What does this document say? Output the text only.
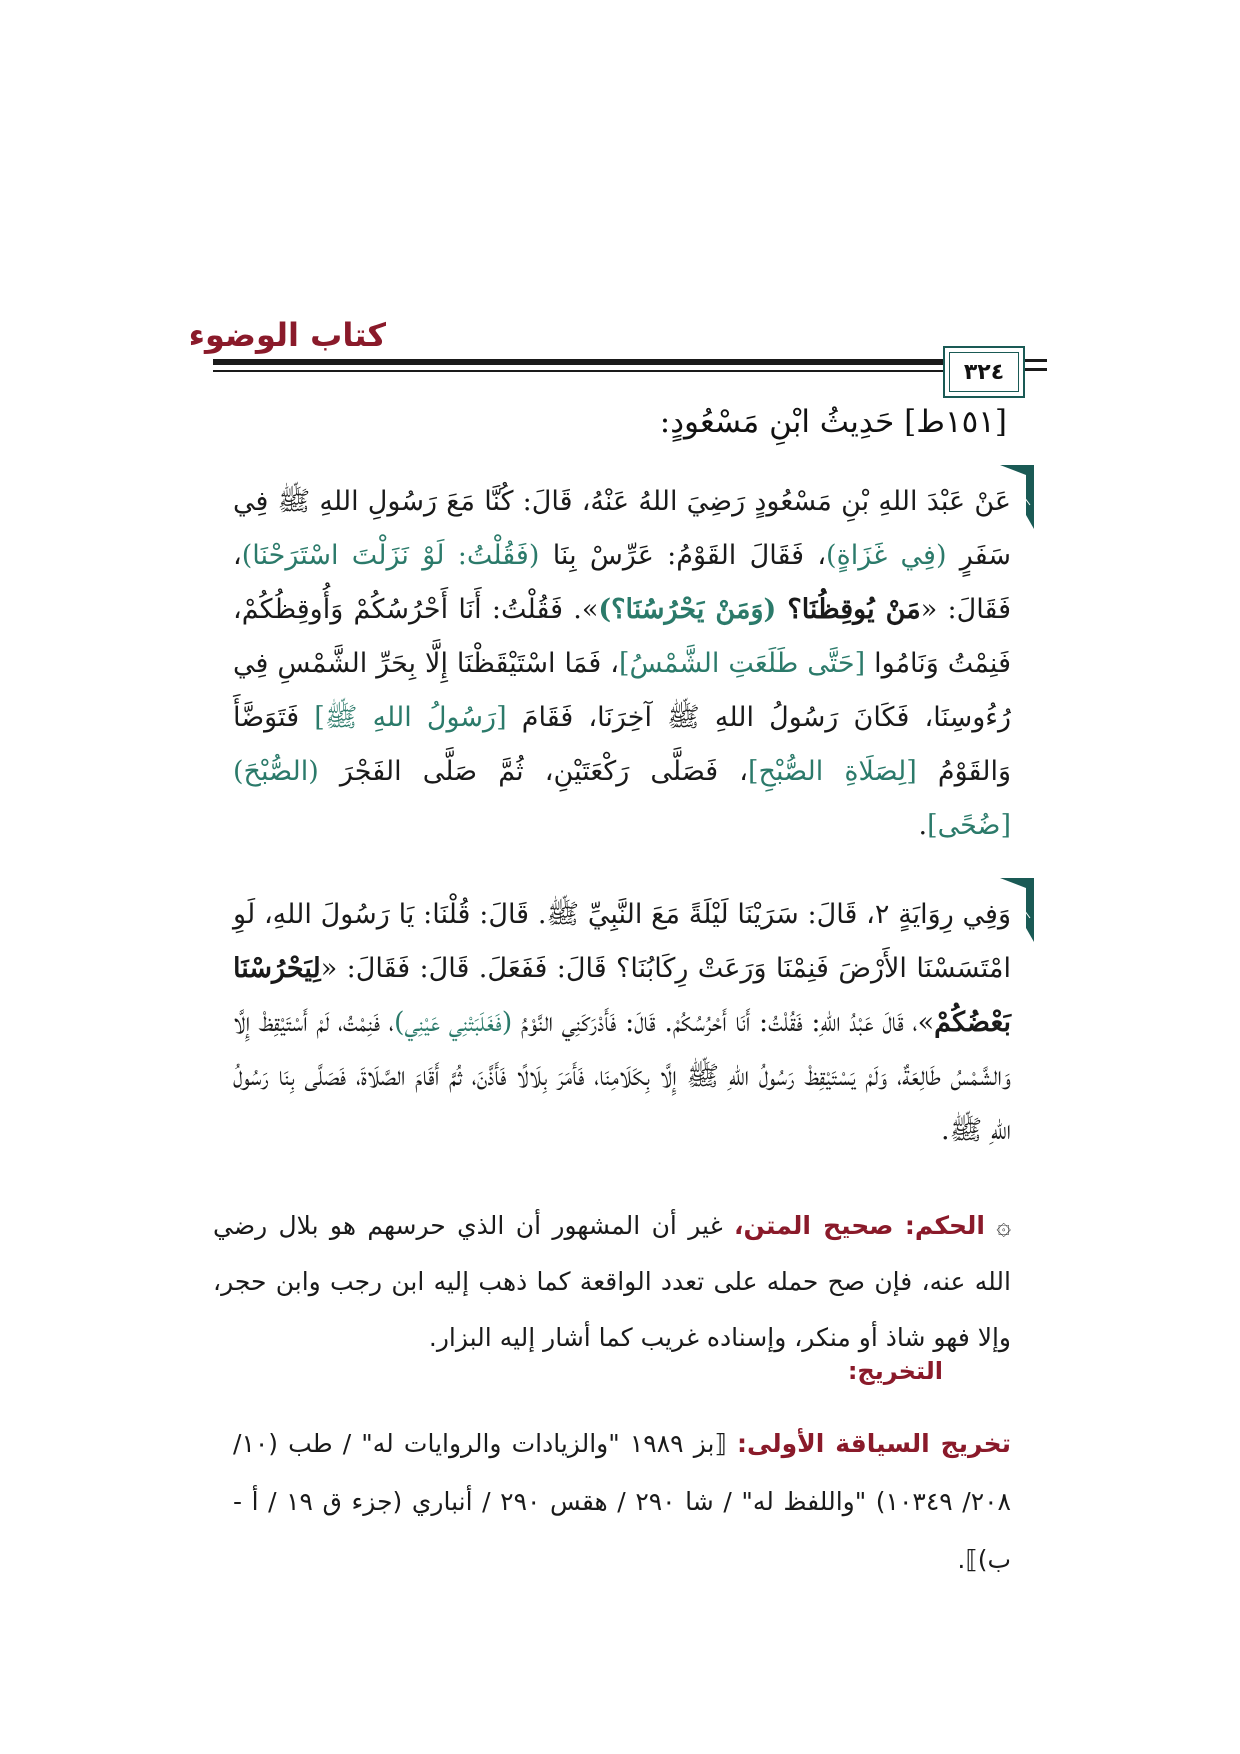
كتاب الوضوء
٣٢٤
[١٥١ط] حَدِيثُ ابْنِ مَسْعُودٍ:

عَنْ عَبْدَ اللهِ بْنِ مَسْعُودٍ رَضِيَ اللهُ عَنْهُ، قَالَ: كُنَّا مَعَ رَسُولِ اللهِ ﷺ فِي سَفَرٍ (فِي غَزَاةٍ)، فَقَالَ القَوْمُ: عَرِّسْ بِنَا (فَقُلْتُ: لَوْ نَزَلْتَ اسْتَرَحْنَا)، فَقَالَ: «مَنْ يُوقِظُنَا؟ (وَمَنْ يَحْرُسُنَا؟)». فَقُلْتُ: أَنَا أَحْرُسُكُمْ وَأُوقِظُكُمْ، فَنِمْتُ وَنَامُوا [حَتَّى طَلَعَتِ الشَّمْسُ]، فَمَا اسْتَيْقَظْنَا إِلَّا بِحَرِّ الشَّمْسِ فِي رُءُوسِنَا، فَكَانَ رَسُولُ اللهِ ﷺ آخِرَنَا، فَقَامَ [رَسُولُ اللهِ ﷺ] فَتَوَضَّأَ وَالقَوْمُ [لِصَلَاةِ الصُّبْحِ]، فَصَلَّى رَكْعَتَيْنِ، ثُمَّ صَلَّى الفَجْرَ (الصُّبْحَ) [ضُحًى].

وَفِي رِوَايَةٍ ٢، قَالَ: سَرَيْنَا لَيْلَةً مَعَ النَّبِيِّ ﷺ. قَالَ: قُلْنَا: يَا رَسُولَ اللهِ، لَوِ امْتَسَسْنَا الأَرْضَ فَنِمْنَا وَرَعَتْ رِكَابُنَا؟ قَالَ: فَفَعَلَ. قَالَ: فَقَالَ: «لِيَحْرُسْنَا بَعْضُكُمْ»، قَالَ عَبْدُ اللهِ: فَقُلْتُ: أَنَا أَحْرُسُكُمْ. قَالَ: فَأَدْرَكَنِي النَّوْمُ (فَغَلَبَتْنِي عَيْنِي)، فَنِمْتُ، لَمْ أَسْتَيْقِظْ إِلَّا وَالشَّمْسُ طَالِعَةٌ، وَلَمْ يَسْتَيْقِظْ رَسُولُ اللهِ ﷺ إِلَّا بِكَلَامِنَا، فَأَمَرَ بِلَالًا فَأَذَّنَ، ثُمَّ أَقَامَ الصَّلَاةَ، فَصَلَّى بِنَا رَسُولُ اللهِ ﷺ.

۞ الحكم: صحيح المتن، غير أن المشهور أن الذي حرسهم هو بلال رضي الله عنه، فإن صح حمله على تعدد الواقعة كما ذهب إليه ابن رجب وابن حجر، وإلا فهو شاذ أو منكر، وإسناده غريب كما أشار إليه البزار.
التخريج:
تخريج السياقة الأولى: ⟦بز ١٩٨٩ "والزيادات والروايات له" / طب (١٠/ ٢٠٨/ ١٠٣٤٩) "واللفظ له" / شا ٢٩٠ / هقس ٢٩٠ / أنباري (جزء ق ١٩ / أ - ب)⟧.
